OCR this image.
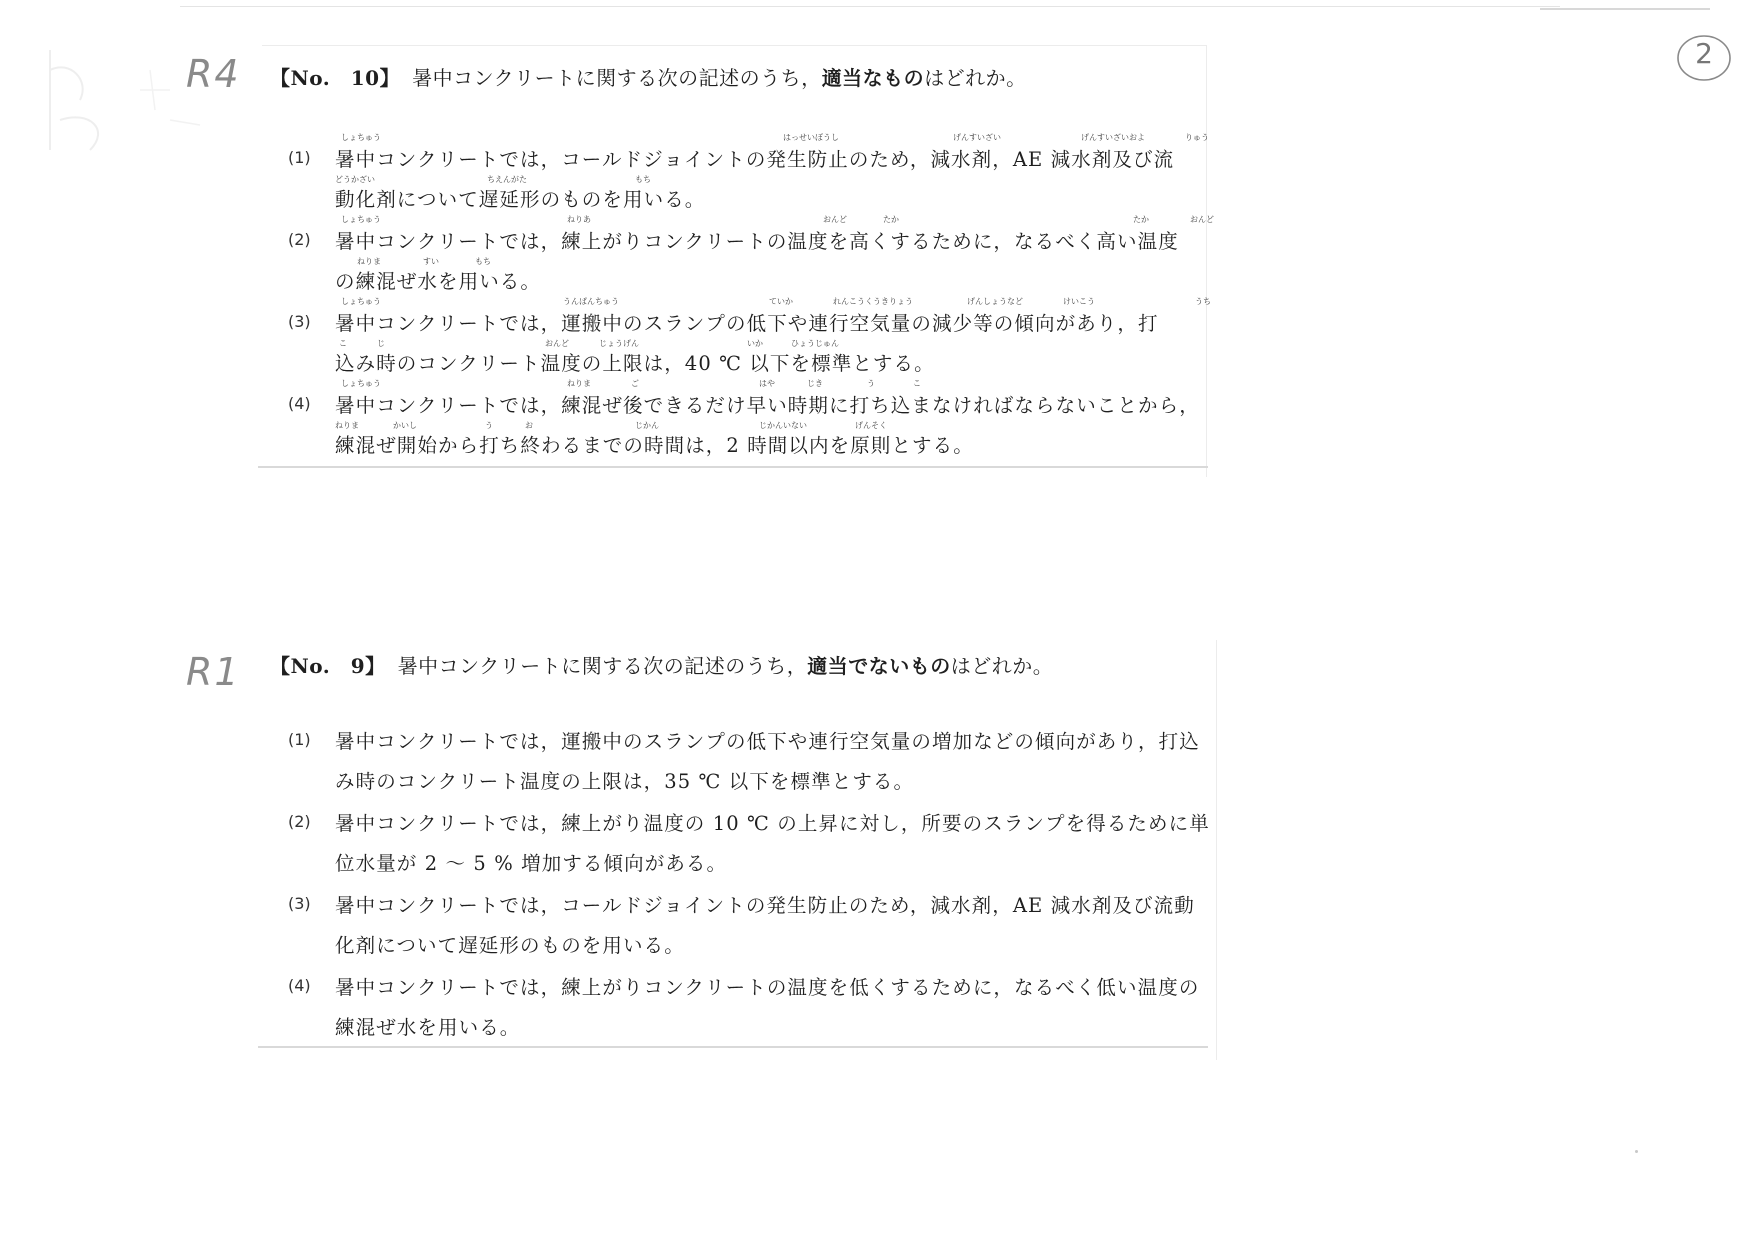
R4
R1
2
【No.　10】 暑中コンクリートに関する次の記述のうち，適当なものはどれか。
しょちゅう	はっせいぼうし	げんすいざい	げんすいざいおよ	りゅう
(1) 暑中コンクリートでは，コールドジョイントの発生防止のため，減水剤，AE 減水剤及び流
どうかざい	ちえんがた	もち
動化剤について遅延形のものを用いる。
しょちゅう	ねりあ	おんど	たか	たか	おんど
(2) 暑中コンクリートでは，練上がりコンクリートの温度を高くするために，なるべく高い温度
ねりま	すい	もち
の練混ぜ水を用いる。
しょちゅう	うんぱんちゅう	ていか	れんこうくうきりょう	げんしょうなど	けいこう	うち
(3) 暑中コンクリートでは，運搬中のスランプの低下や連行空気量の減少等の傾向があり，打
こ	じ	おんど	じょうげん	いか	ひょうじゅん
込み時のコンクリート温度の上限は，40 ℃ 以下を標準とする。
しょちゅう	ねりま	ご	はや	じき	う	こ
(4) 暑中コンクリートでは，練混ぜ後できるだけ早い時期に打ち込まなければならないことから，
ねりま	かいし	う	お	じかん	じかんいない	げんそく
練混ぜ開始から打ち終わるまでの時間は，2 時間以内を原則とする。
【No.　9】 暑中コンクリートに関する次の記述のうち，適当でないものはどれか。
(1) 暑中コンクリートでは，運搬中のスランプの低下や連行空気量の増加などの傾向があり，打込
み時のコンクリート温度の上限は，35 ℃ 以下を標準とする。
(2) 暑中コンクリートでは，練上がり温度の 10 ℃ の上昇に対し，所要のスランプを得るために単
位水量が 2 ～ 5 % 増加する傾向がある。
(3) 暑中コンクリートでは，コールドジョイントの発生防止のため，減水剤，AE 減水剤及び流動
化剤について遅延形のものを用いる。
(4) 暑中コンクリートでは，練上がりコンクリートの温度を低くするために，なるべく低い温度の
練混ぜ水を用いる。
